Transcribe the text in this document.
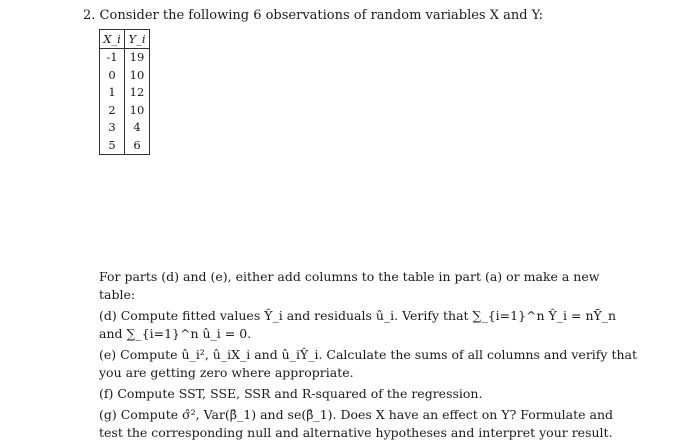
2. Consider the following 6 observations of random variables X and Y:
X_i	Y_i
-1	19
0	10
1	12
2	10
3	4
5	6

For parts (d) and (e), either add columns to the table in part (a) or make a new table:

(d) Compute fitted values Ŷ_i and residuals û_i. Verify that ∑_{i=1}^n Ŷ_i = nȲ_n and ∑_{i=1}^n û_i = 0.

(e) Compute û_i², û_iX_i and û_iŶ_i. Calculate the sums of all columns and verify that you are getting zero where appropriate.

(f) Compute SST, SSE, SSR and R-squared of the regression.

(g) Compute σ̂², Var(β̂_1) and se(β̂_1). Does X have an effect on Y? Formulate and test the corresponding null and alternative hypotheses and interpret your result.
